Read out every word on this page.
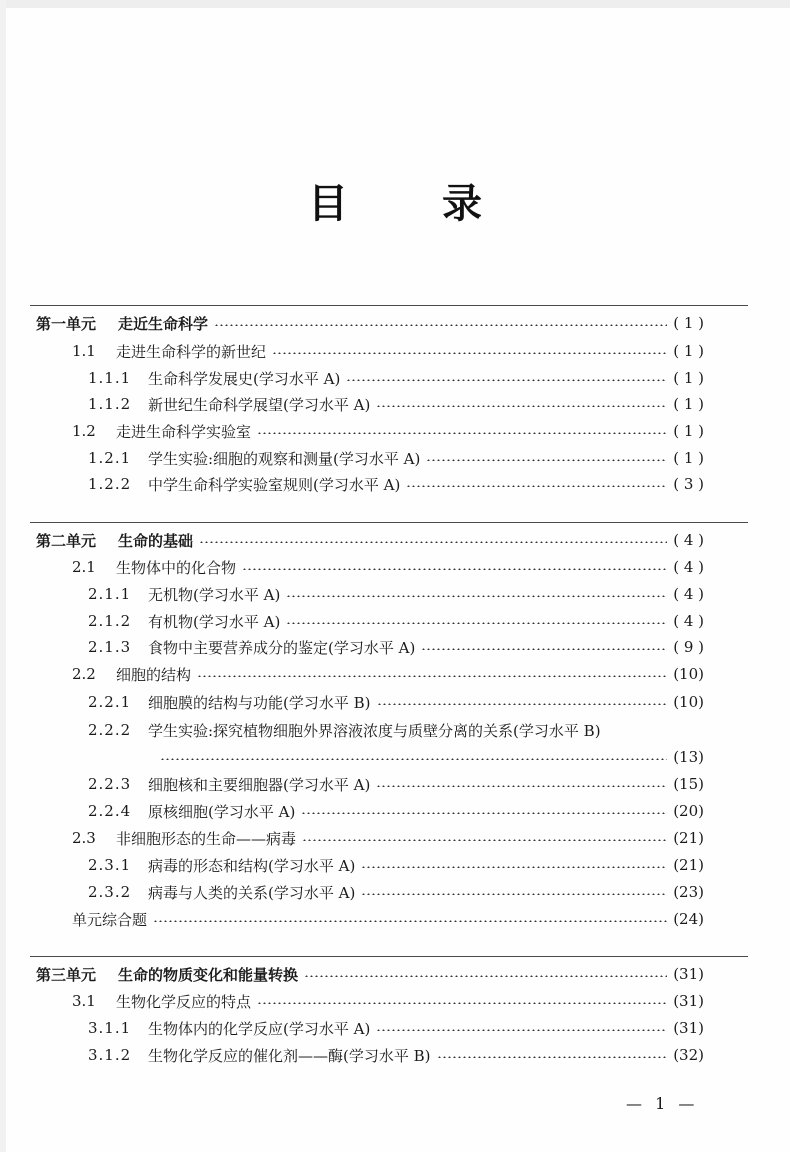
目 录
第一单元	走近生命科学	( 1 )
1.1	走进生命科学的新世纪	( 1 )
1.1.1	生命科学发展史(学习水平 A)	( 1 )
1.1.2	新世纪生命科学展望(学习水平 A)	( 1 )
1.2	走进生命科学实验室	( 1 )
1.2.1	学生实验:细胞的观察和测量(学习水平 A)	( 1 )
1.2.2	中学生命科学实验室规则(学习水平 A)	( 3 )
第二单元	生命的基础	( 4 )
2.1	生物体中的化合物	( 4 )
2.1.1	无机物(学习水平 A)	( 4 )
2.1.2	有机物(学习水平 A)	( 4 )
2.1.3	食物中主要营养成分的鉴定(学习水平 A)	( 9 )
2.2	细胞的结构	(10)
2.2.1	细胞膜的结构与功能(学习水平 B)	(10)
2.2.2	学生实验:探究植物细胞外界溶液浓度与质壁分离的关系(学习水平 B)
(13)
2.2.3	细胞核和主要细胞器(学习水平 A)	(15)
2.2.4	原核细胞(学习水平 A)	(20)
2.3	非细胞形态的生命——病毒	(21)
2.3.1	病毒的形态和结构(学习水平 A)	(21)
2.3.2	病毒与人类的关系(学习水平 A)	(23)
单元综合题	(24)
第三单元	生命的物质变化和能量转换	(31)
3.1	生物化学反应的特点	(31)
3.1.1	生物体内的化学反应(学习水平 A)	(31)
3.1.2	生物化学反应的催化剂——酶(学习水平 B)	(32)
— 1 —
